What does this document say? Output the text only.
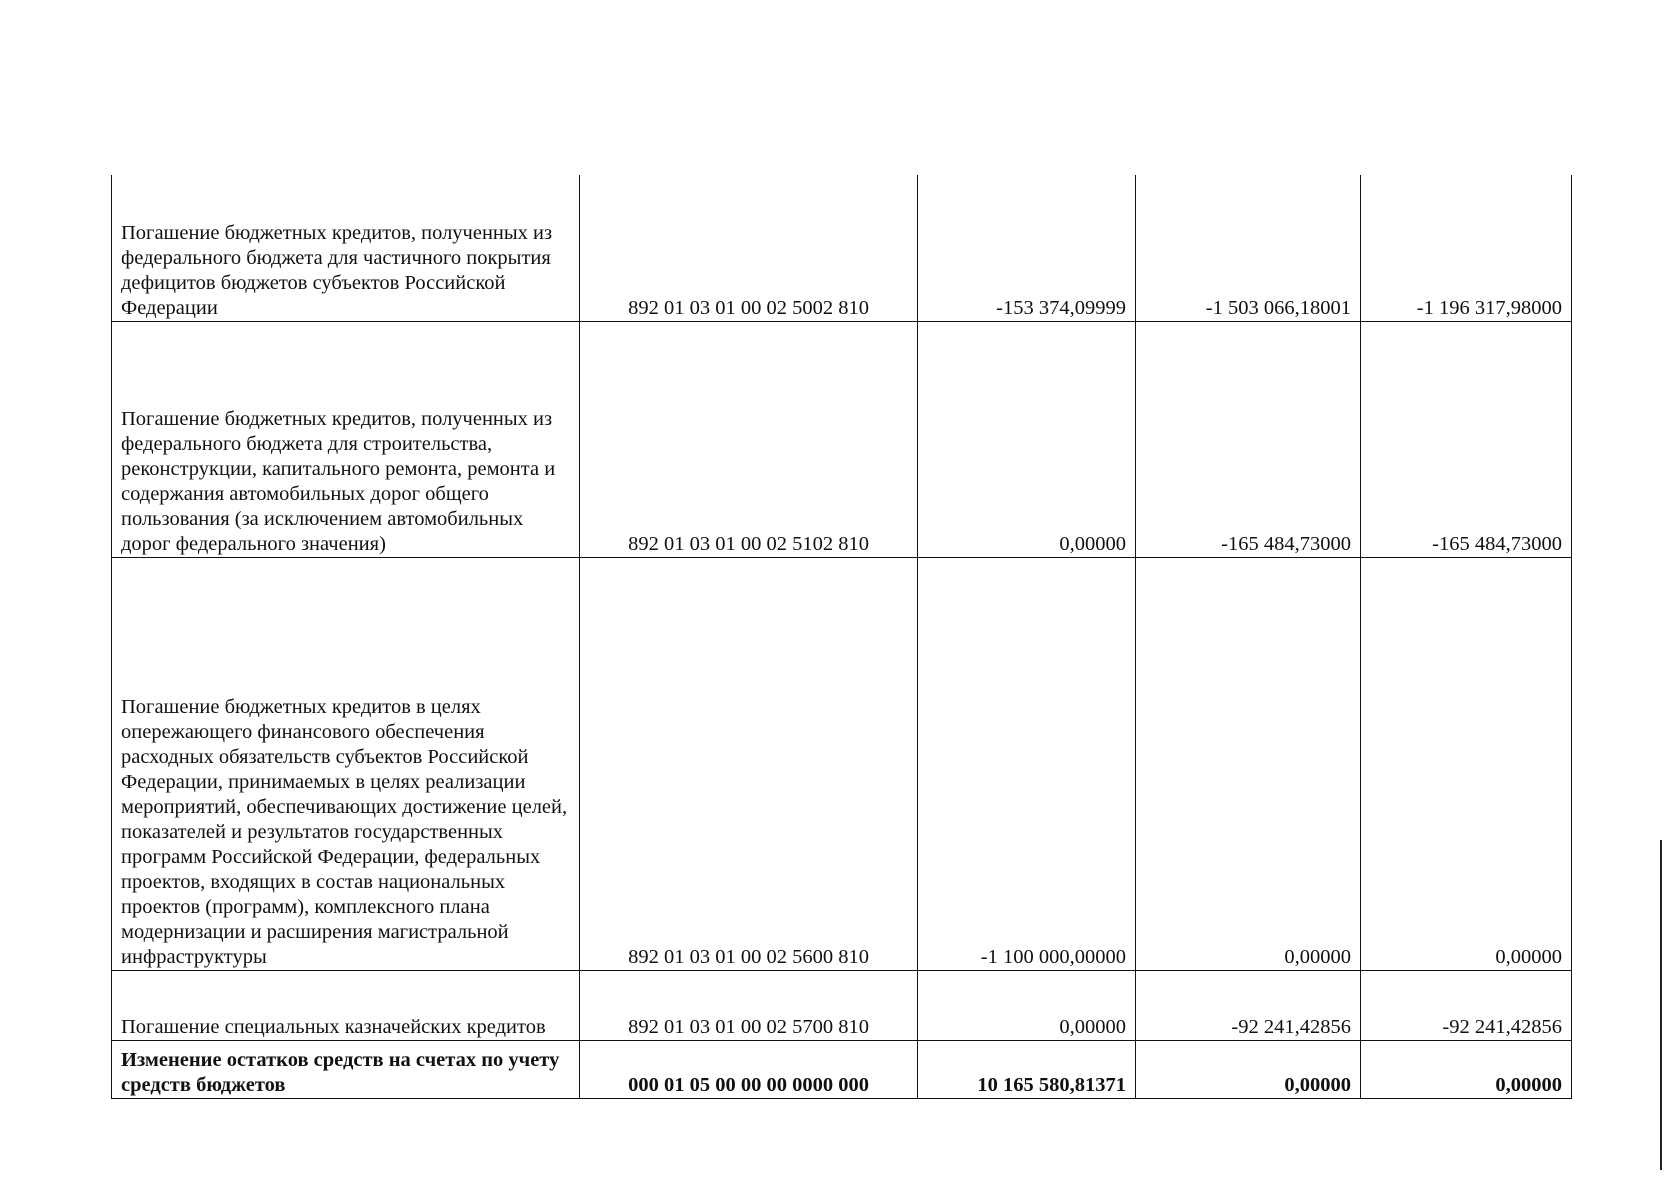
Погашение бюджетных кредитов, полученных из федерального бюджета для частичного покрытия дефицитов бюджетов субъектов Российской Федерации	892 01 03 01 00 02 5002 810	-153 374,09999	-1 503 066,18001	-1 196 317,98000
Погашение бюджетных кредитов, полученных из федерального бюджета для строительства, реконструкции, капитального ремонта, ремонта и содержания автомобильных дорог общего пользования (за исключением автомобильных дорог федерального значения)	892 01 03 01 00 02 5102 810	0,00000	-165 484,73000	-165 484,73000
Погашение бюджетных кредитов в целях опережающего финансового обеспечения расходных обязательств субъектов Российской Федерации, принимаемых в целях реализации мероприятий, обеспечивающих достижение целей, показателей и результатов государственных программ Российской Федерации, федеральных проектов, входящих в состав национальных проектов (программ), комплексного плана модернизации и расширения магистральной инфраструктуры	892 01 03 01 00 02 5600 810	-1 100 000,00000	0,00000	0,00000
Погашение специальных казначейских кредитов	892 01 03 01 00 02 5700 810	0,00000	-92 241,42856	-92 241,42856
Изменение остатков средств на счетах по учету средств бюджетов	000 01 05 00 00 00 0000 000	10 165 580,81371	0,00000	0,00000
